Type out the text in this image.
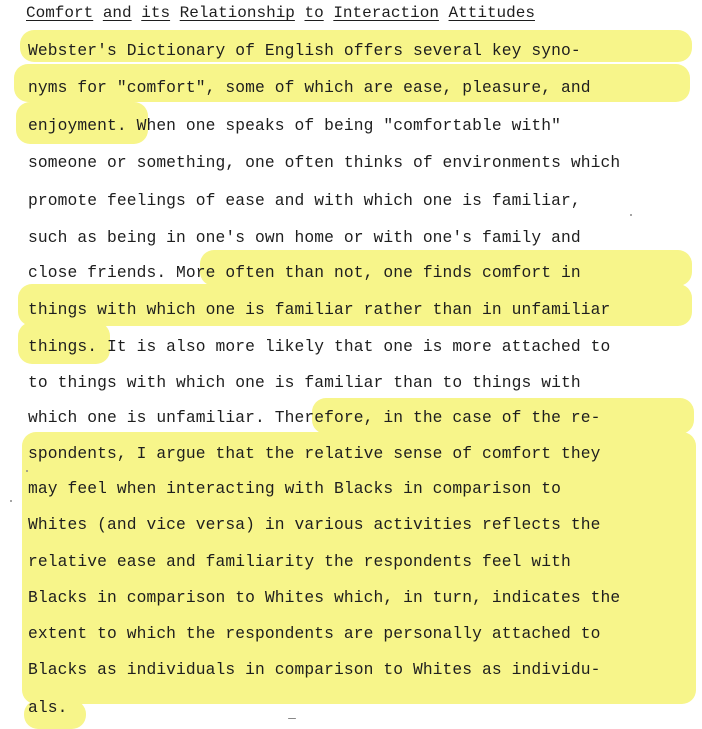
Comfort and its Relationship to Interaction Attitudes
Webster's Dictionary of English offers several key syno-
nyms for "comfort", some of which are ease, pleasure, and
enjoyment. When one speaks of being "comfortable with"
someone or something, one often thinks of environments which
promote feelings of ease and with which one is familiar,
such as being in one's own home or with one's family and
close friends. More often than not, one finds comfort in
things with which one is familiar rather than in unfamiliar
things. It is also more likely that one is more attached to
to things with which one is familiar than to things with
which one is unfamiliar. Therefore, in the case of the re-
spondents, I argue that the relative sense of comfort they
may feel when interacting with Blacks in comparison to
Whites (and vice versa) in various activities reflects the
relative ease and familiarity the respondents feel with
Blacks in comparison to Whites which, in turn, indicates the
extent to which the respondents are personally attached to
Blacks as individuals in comparison to Whites as individu-
als.
